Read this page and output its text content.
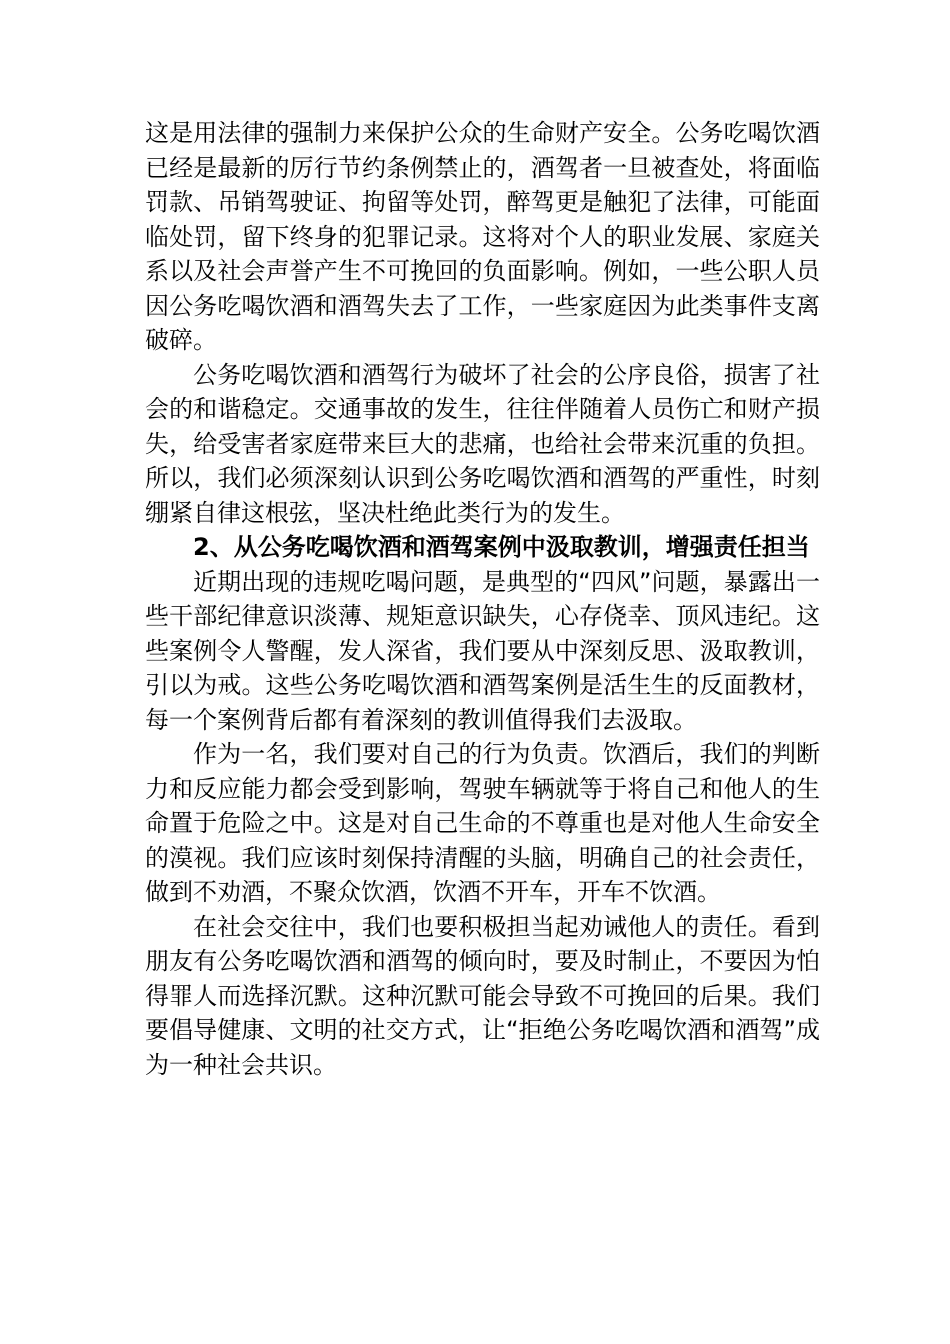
这是用法律的强制力来保护公众的生命财产安全。公务吃喝饮酒已经是最新的厉行节约条例禁止的，酒驾者一旦被查处，将面临罚款、吊销驾驶证、拘留等处罚，醉驾更是触犯了法律，可能面临处罚，留下终身的犯罪记录。这将对个人的职业发展、家庭关系以及社会声誉产生不可挽回的负面影响。例如，一些公职人员因公务吃喝饮酒和酒驾失去了工作，一些家庭因为此类事件支离破碎。

公务吃喝饮酒和酒驾行为破坏了社会的公序良俗，损害了社会的和谐稳定。交通事故的发生，往往伴随着人员伤亡和财产损失，给受害者家庭带来巨大的悲痛，也给社会带来沉重的负担。所以，我们必须深刻认识到公务吃喝饮酒和酒驾的严重性，时刻绷紧自律这根弦，坚决杜绝此类行为的发生。

2、从公务吃喝饮酒和酒驾案例中汲取教训，增强责任担当

近期出现的违规吃喝问题，是典型的“四风”问题，暴露出一些干部纪律意识淡薄、规矩意识缺失，心存侥幸、顶风违纪。这些案例令人警醒，发人深省，我们要从中深刻反思、汲取教训，引以为戒。这些公务吃喝饮酒和酒驾案例是活生生的反面教材，每一个案例背后都有着深刻的教训值得我们去汲取。

作为一名，我们要对自己的行为负责。饮酒后，我们的判断力和反应能力都会受到影响，驾驶车辆就等于将自己和他人的生命置于危险之中。这是对自己生命的不尊重也是对他人生命安全的漠视。我们应该时刻保持清醒的头脑，明确自己的社会责任，做到不劝酒，不聚众饮酒，饮酒不开车，开车不饮酒。

在社会交往中，我们也要积极担当起劝诫他人的责任。看到朋友有公务吃喝饮酒和酒驾的倾向时，要及时制止，不要因为怕得罪人而选择沉默。这种沉默可能会导致不可挽回的后果。我们要倡导健康、文明的社交方式，让“拒绝公务吃喝饮酒和酒驾”成为一种社会共识。
